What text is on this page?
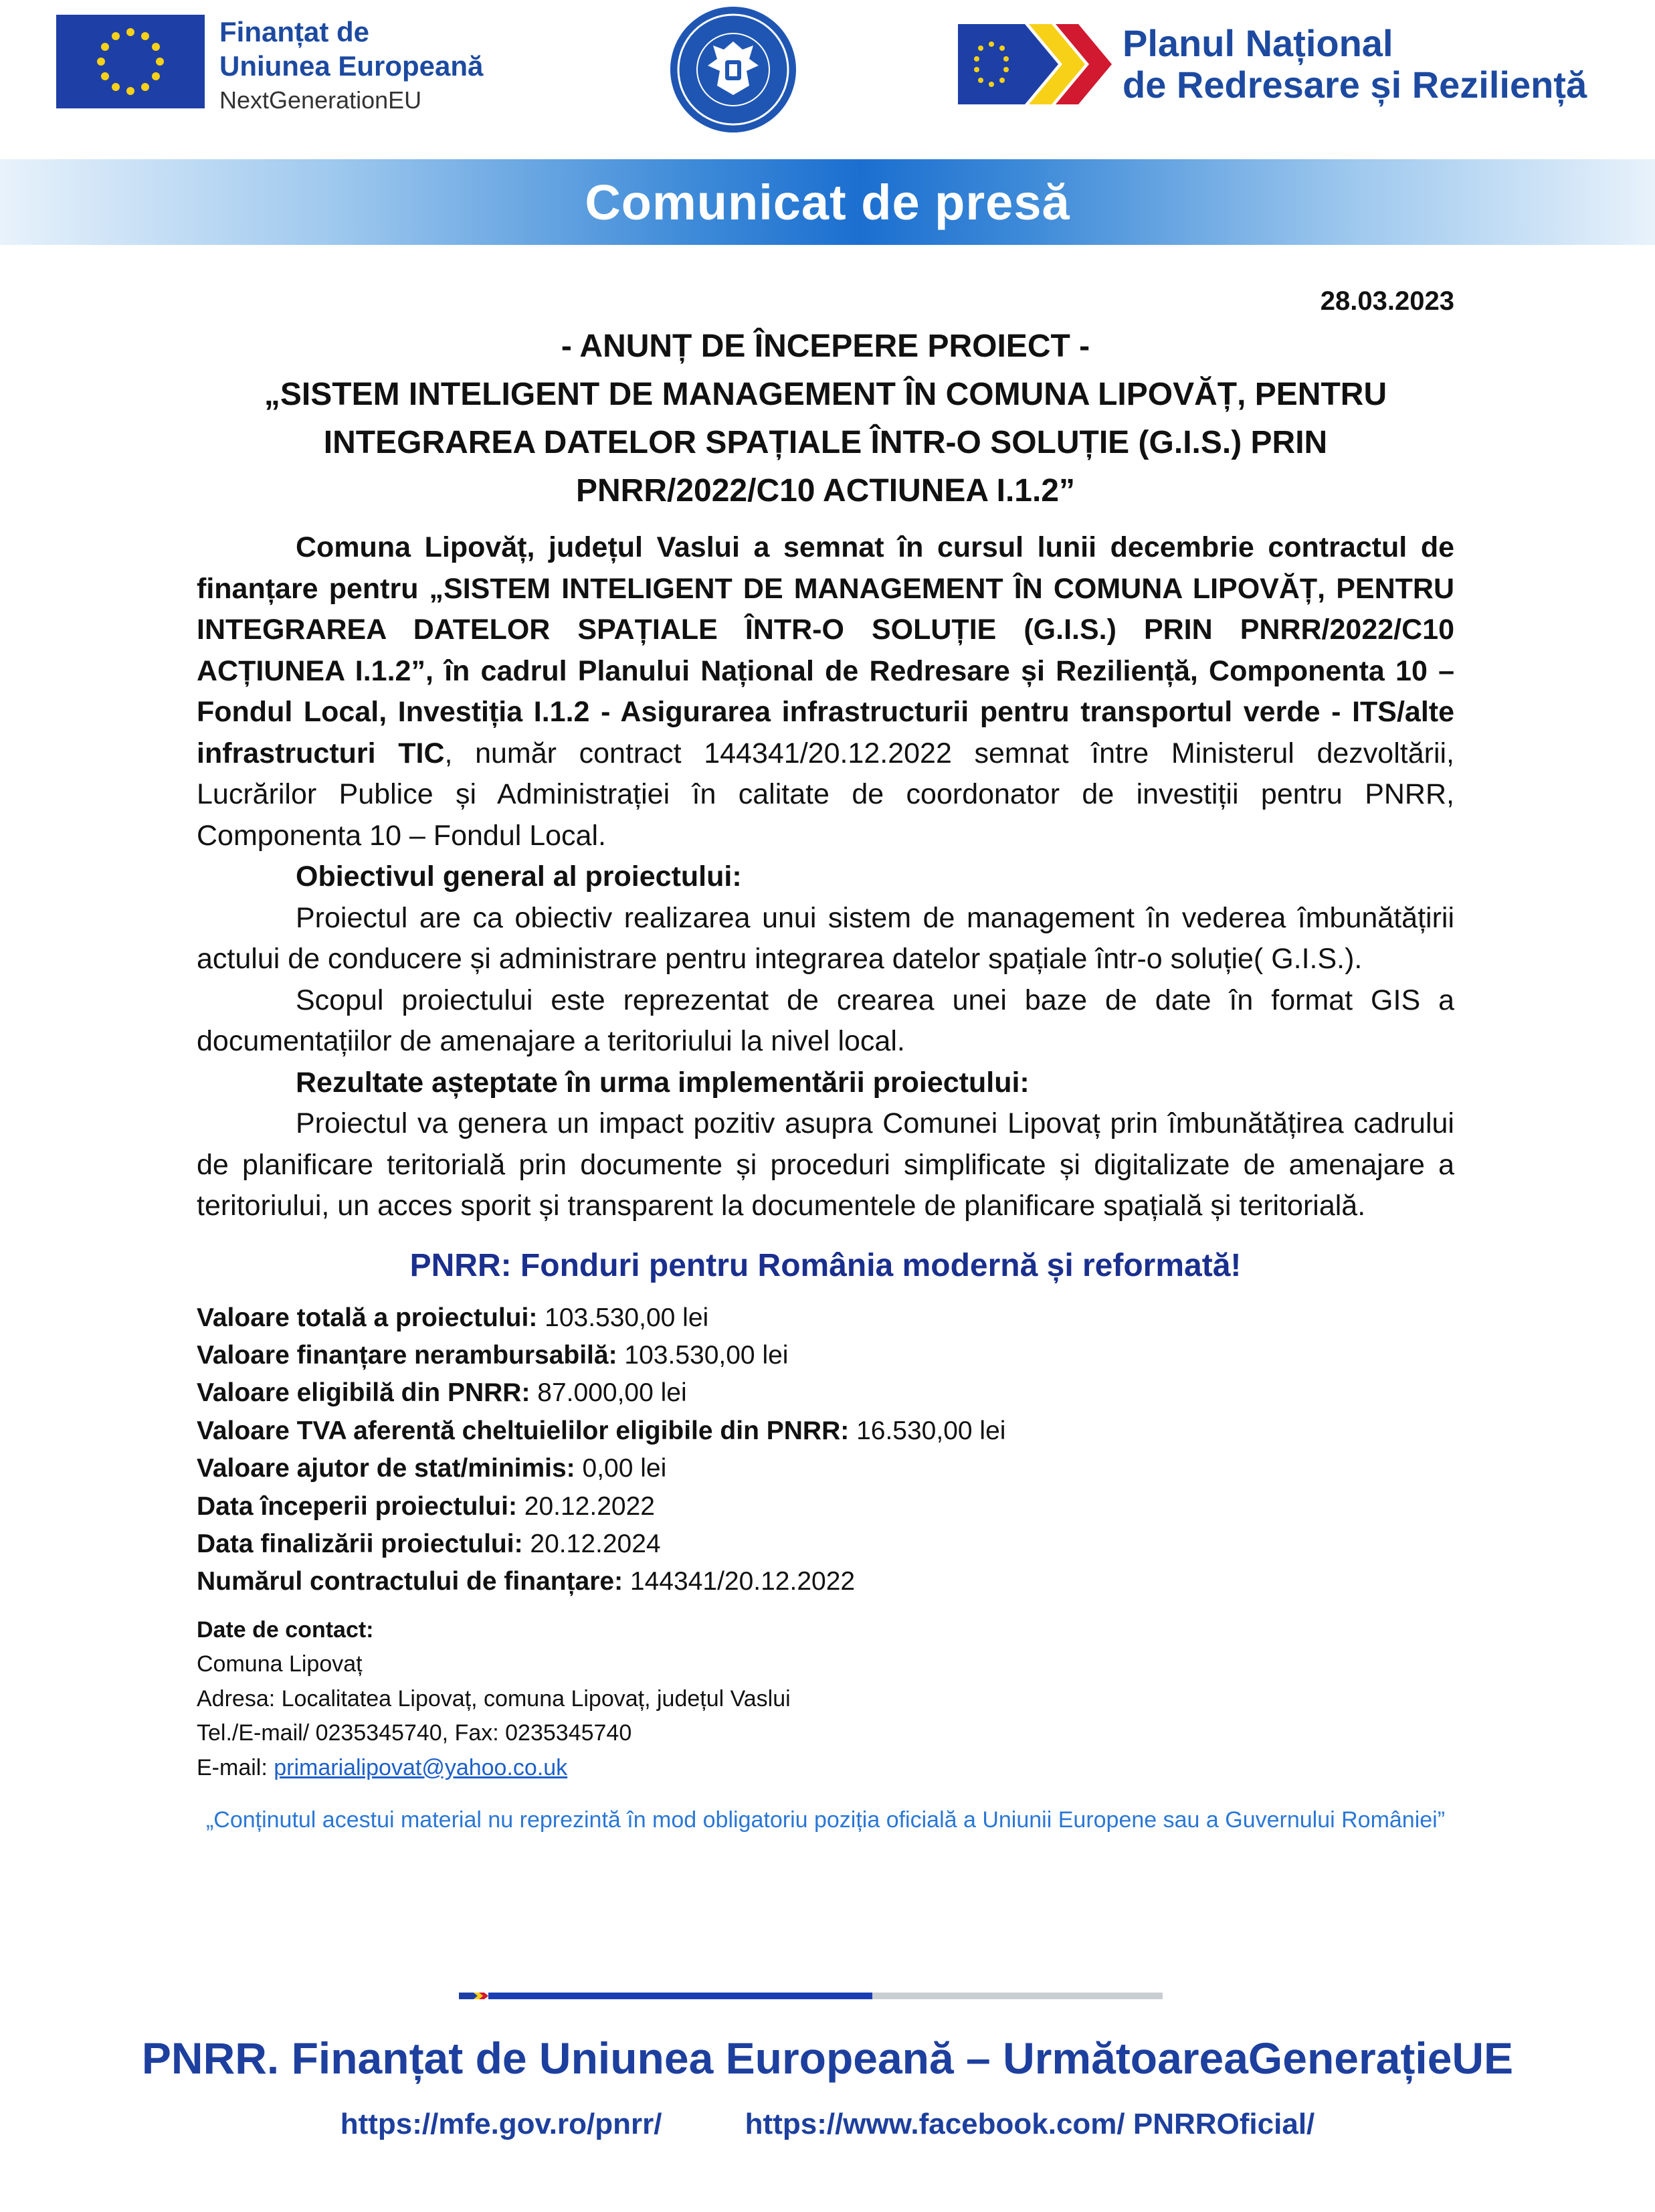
Finanțat de
Uniunea Europeană
NextGenerationEU
Planul Național
de Redresare și Reziliență
Comunicat de presă
28.03.2023
- ANUNȚ DE ÎNCEPERE PROIECT -
„SISTEM INTELIGENT DE MANAGEMENT ÎN COMUNA LIPOVĂȚ, PENTRU
INTEGRAREA DATELOR SPAȚIALE ÎNTR-O SOLUȚIE (G.I.S.) PRIN
PNRR/2022/C10 ACTIUNEA I.1.2”

Comuna Lipovăț, județul Vaslui a semnat în cursul lunii decembrie contractul de finanțare pentru „SISTEM INTELIGENT DE MANAGEMENT ÎN COMUNA LIPOVĂȚ, PENTRU INTEGRAREA DATELOR SPAȚIALE ÎNTR-O SOLUȚIE (G.I.S.) PRIN PNRR/2022/C10 ACȚIUNEA I.1.2”, în cadrul Planului Național de Redresare și Reziliență, Componenta 10 – Fondul Local, Investiția I.1.2 - Asigurarea infrastructurii pentru transportul verde - ITS/alte infrastructuri TIC, număr contract 144341/20.12.2022 semnat între Ministerul dezvoltării, Lucrărilor Publice și Administrației în calitate de coordonator de investiții pentru PNRR, Componenta 10 – Fondul Local.

Obiectivul general al proiectului:

Proiectul are ca obiectiv realizarea unui sistem de management în vederea îmbunătățirii actului de conducere și administrare pentru integrarea datelor spațiale într-o soluție( G.I.S.).

Scopul proiectului este reprezentat de crearea unei baze de date în format GIS a documentațiilor de amenajare a teritoriului la nivel local.

Rezultate așteptate în urma implementării proiectului:

Proiectul va genera un impact pozitiv asupra Comunei Lipovaț prin îmbunătățirea cadrului de planificare teritorială prin documente și proceduri simplificate și digitalizate de amenajare a teritoriului, un acces sporit și transparent la documentele de planificare spațială și teritorială.

PNRR: Fonduri pentru România modernă și reformată!
Valoare totală a proiectului: 103.530,00 lei
Valoare finanțare nerambursabilă: 103.530,00 lei
Valoare eligibilă din PNRR: 87.000,00 lei
Valoare TVA aferentă cheltuielilor eligibile din PNRR: 16.530,00 lei
Valoare ajutor de stat/minimis: 0,00 lei
Data începerii proiectului: 20.12.2022
Data finalizării proiectului: 20.12.2024
Numărul contractului de finanțare: 144341/20.12.2022
Date de contact:
Comuna Lipovaț
Adresa: Localitatea Lipovaț, comuna Lipovaț, județul Vaslui
Tel./E-mail/ 0235345740, Fax: 0235345740
E-mail: primarialipovat@yahoo.co.uk
„Conținutul acestui material nu reprezintă în mod obligatoriu poziția oficială a Uniunii Europene sau a Guvernului României”
PNRR. Finanțat de Uniunea Europeană – UrmătoareaGenerațieUE
https://mfe.gov.ro/pnrr/	https://www.facebook.com/ PNRROficial/
